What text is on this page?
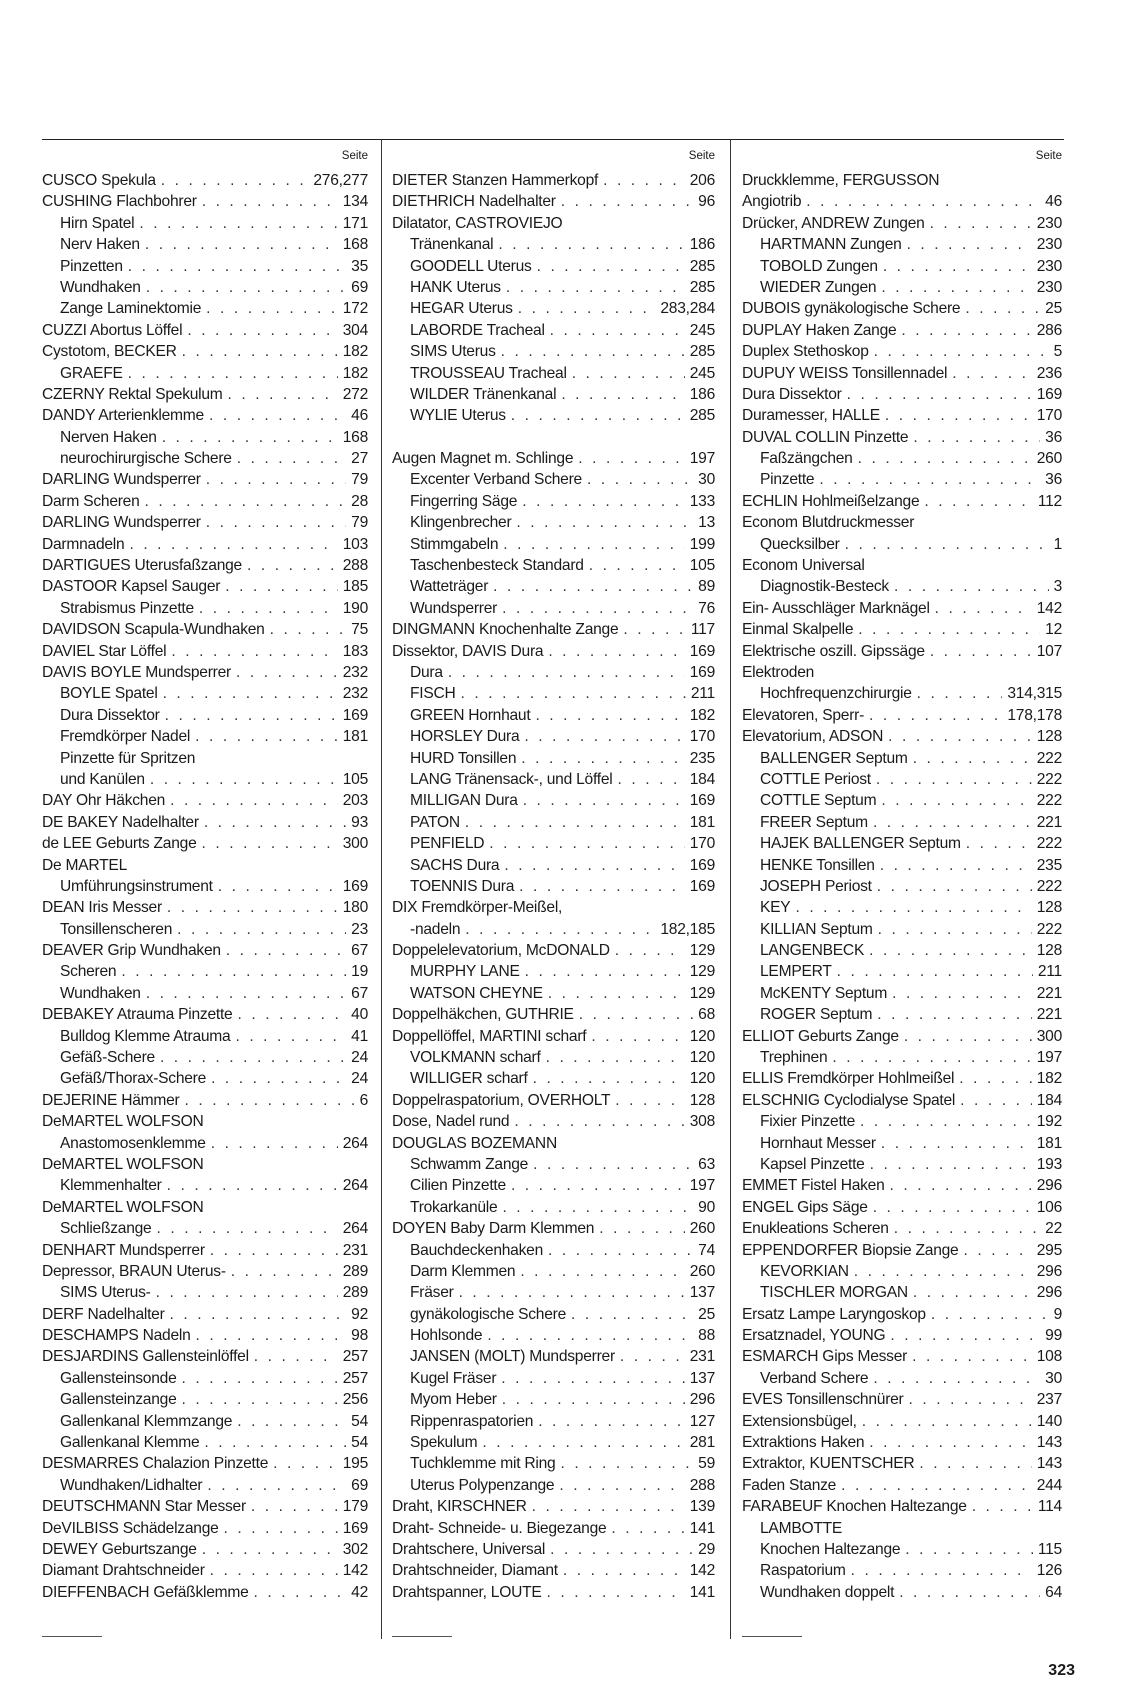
Seite
CUSCO Spekula . . .	276,277
CUSHING Flachbohrer . . .	134
Hirn Spatel . . .	171
Nerv Haken . . .	168
Pinzetten . . .	35
Wundhaken . . .	69
Zange Laminektomie . . .	172
CUZZI Abortus Löffel . . .	304
Cystotom, BECKER . . .	182
GRAEFE . . .	182
CZERNY Rektal Spekulum . . .	272
DANDY Arterienklemme . . .	46
Nerven Haken . . .	168
neurochirurgische Schere . . .	27
DARLING Wundsperrer . . .	79
Darm Scheren . . .	28
DARLING Wundsperrer . . .	79
Darmnadeln . . .	103
DARTIGUES Uterusfaßzange . . .	288
DASTOOR Kapsel Sauger . . .	185
Strabismus Pinzette . . .	190
DAVIDSON Scapula-Wundhaken . . .	75
DAVIEL Star Löffel . . .	183
DAVIS BOYLE Mundsperrer . . .	232
BOYLE Spatel . . .	232
Dura Dissektor . . .	169
Fremdkörper Nadel . . .	181
Pinzette für Spritzen
und Kanülen . . .	105
DAY Ohr Häkchen . . .	203
DE BAKEY Nadelhalter . . .	93
de LEE Geburts Zange . . .	300
De MARTEL
Umführungsinstrument . . .	169
DEAN Iris Messer . . .	180
Tonsillenscheren . . .	23
DEAVER Grip Wundhaken . . .	67
Scheren . . .	19
Wundhaken . . .	67
DEBAKEY Atrauma Pinzette . . .	40
Bulldog Klemme Atrauma . . .	41
Gefäß-Schere . . .	24
Gefäß/Thorax-Schere . . .	24
DEJERINE Hämmer . . .	6
DeMARTEL WOLFSON
Anastomosenklemme . . .	264
DeMARTEL WOLFSON
Klemmenhalter . . .	264
DeMARTEL WOLFSON
Schließzange . . .	264
DENHART Mundsperrer . . .	231
Depressor, BRAUN Uterus- . . .	289
SIMS Uterus- . . .	289
DERF Nadelhalter . . .	92
DESCHAMPS Nadeln . . .	98
DESJARDINS Gallensteinlöffel . . .	257
Gallensteinsonde . . .	257
Gallensteinzange . . .	256
Gallenkanal Klemmzange . . .	54
Gallenkanal Klemme . . .	54
DESMARRES Chalazion Pinzette . . .	195
Wundhaken/Lidhalter . . .	69
DEUTSCHMANN Star Messer . . .	179
DeVILBISS Schädelzange . . .	169
DEWEY Geburtszange . . .	302
Diamant Drahtschneider . . .	142
DIEFFENBACH Gefäßklemme . . .	42
Seite
DIETER Stanzen Hammerkopf . . .	206
DIETHRICH Nadelhalter . . .	96
Dilatator, CASTROVIEJO
Tränenkanal . . .	186
GOODELL Uterus . . .	285
HANK Uterus . . .	285
HEGAR Uterus . . .	283,284
LABORDE Tracheal . . .	245
SIMS Uterus . . .	285
TROUSSEAU Tracheal . . .	245
WILDER Tränenkanal . . .	186
WYLIE Uterus . . .	285
Augen Magnet m. Schlinge . . .	197
Excenter Verband Schere . . .	30
Fingerring Säge . . .	133
Klingenbrecher . . .	13
Stimmgabeln . . .	199
Taschenbesteck Standard . . .	105
Watteträger . . .	89
Wundsperrer . . .	76
DINGMANN Knochenhalte Zange . . .	117
Dissektor, DAVIS Dura . . .	169
Dura . . .	169
FISCH . . .	211
GREEN Hornhaut . . .	182
HORSLEY Dura . . .	170
HURD Tonsillen . . .	235
LANG Tränensack-, und Löffel . . .	184
MILLIGAN Dura . . .	169
PATON . . .	181
PENFIELD . . .	170
SACHS Dura . . .	169
TOENNIS Dura . . .	169
DIX Fremdkörper-Meißel,
-nadeln . . .	182,185
Doppelelevatorium, McDONALD . . .	129
MURPHY LANE . . .	129
WATSON CHEYNE . . .	129
Doppelhäkchen, GUTHRIE . . .	68
Doppellöffel, MARTINI scharf . . .	120
VOLKMANN scharf . . .	120
WILLIGER scharf . . .	120
Doppelraspatorium, OVERHOLT . . .	128
Dose, Nadel rund . . .	308
DOUGLAS BOZEMANN
Schwamm Zange . . .	63
Cilien Pinzette . . .	197
Trokarkanüle . . .	90
DOYEN Baby Darm Klemmen . . .	260
Bauchdeckenhaken . . .	74
Darm Klemmen . . .	260
Fräser . . .	137
gynäkologische Schere . . .	25
Hohlsonde . . .	88
JANSEN (MOLT) Mundsperrer . . .	231
Kugel Fräser . . .	137
Myom Heber . . .	296
Rippenraspatorien . . .	127
Spekulum . . .	281
Tuchklemme mit Ring . . .	59
Uterus Polypenzange . . .	288
Draht, KIRSCHNER . . .	139
Draht- Schneide- u. Biegezange . . .	141
Drahtschere, Universal . . .	29
Drahtschneider, Diamant . . .	142
Drahtspanner, LOUTE . . .	141
Seite
Druckklemme, FERGUSSON
Angiotrib . . .	46
Drücker, ANDREW Zungen . . .	230
HARTMANN Zungen . . .	230
TOBOLD Zungen . . .	230
WIEDER Zungen . . .	230
DUBOIS gynäkologische Schere . . .	25
DUPLAY Haken Zange . . .	286
Duplex Stethoskop . . .	5
DUPUY WEISS Tonsillennadel . . .	236
Dura Dissektor . . .	169
Duramesser, HALLE . . .	170
DUVAL COLLIN Pinzette . . .	36
Faßzängchen . . .	260
Pinzette . . .	36
ECHLIN Hohlmeißelzange . . .	112
Econom Blutdruckmesser
Quecksilber . . .	1
Econom Universal
Diagnostik-Besteck . . .	3
Ein- Ausschläger Marknägel . . .	142
Einmal Skalpelle . . .	12
Elektrische oszill. Gipssäge . . .	107
Elektroden
Hochfrequenzchirurgie . . .	314,315
Elevatoren, Sperr- . . .	178,178
Elevatorium, ADSON . . .	128
BALLENGER Septum . . .	222
COTTLE Periost . . .	222
COTTLE Septum . . .	222
FREER Septum . . .	221
HAJEK BALLENGER Septum . . .	222
HENKE Tonsillen . . .	235
JOSEPH Periost . . .	222
KEY . . .	128
KILLIAN Septum . . .	222
LANGENBECK . . .	128
LEMPERT . . .	211
McKENTY Septum . . .	221
ROGER Septum . . .	221
ELLIOT Geburts Zange . . .	300
Trephinen . . .	197
ELLIS Fremdkörper Hohlmeißel . . .	182
ELSCHNIG Cyclodialyse Spatel . . .	184
Fixier Pinzette . . .	192
Hornhaut Messer . . .	181
Kapsel Pinzette . . .	193
EMMET Fistel Haken . . .	296
ENGEL Gips Säge . . .	106
Enukleations Scheren . . .	22
EPPENDORFER Biopsie Zange . . .	295
KEVORKIAN . . .	296
TISCHLER MORGAN . . .	296
Ersatz Lampe Laryngoskop . . .	9
Ersatznadel, YOUNG . . .	99
ESMARCH Gips Messer . . .	108
Verband Schere . . .	30
EVES Tonsillenschnürer . . .	237
Extensionsbügel, . . .	140
Extraktions Haken . . .	143
Extraktor, KUENTSCHER . . .	143
Faden Stanze . . .	244
FARABEUF Knochen Haltezange . . .	114
LAMBOTTE
Knochen Haltezange . . .	115
Raspatorium . . .	126
Wundhaken doppelt . . .	64
323
